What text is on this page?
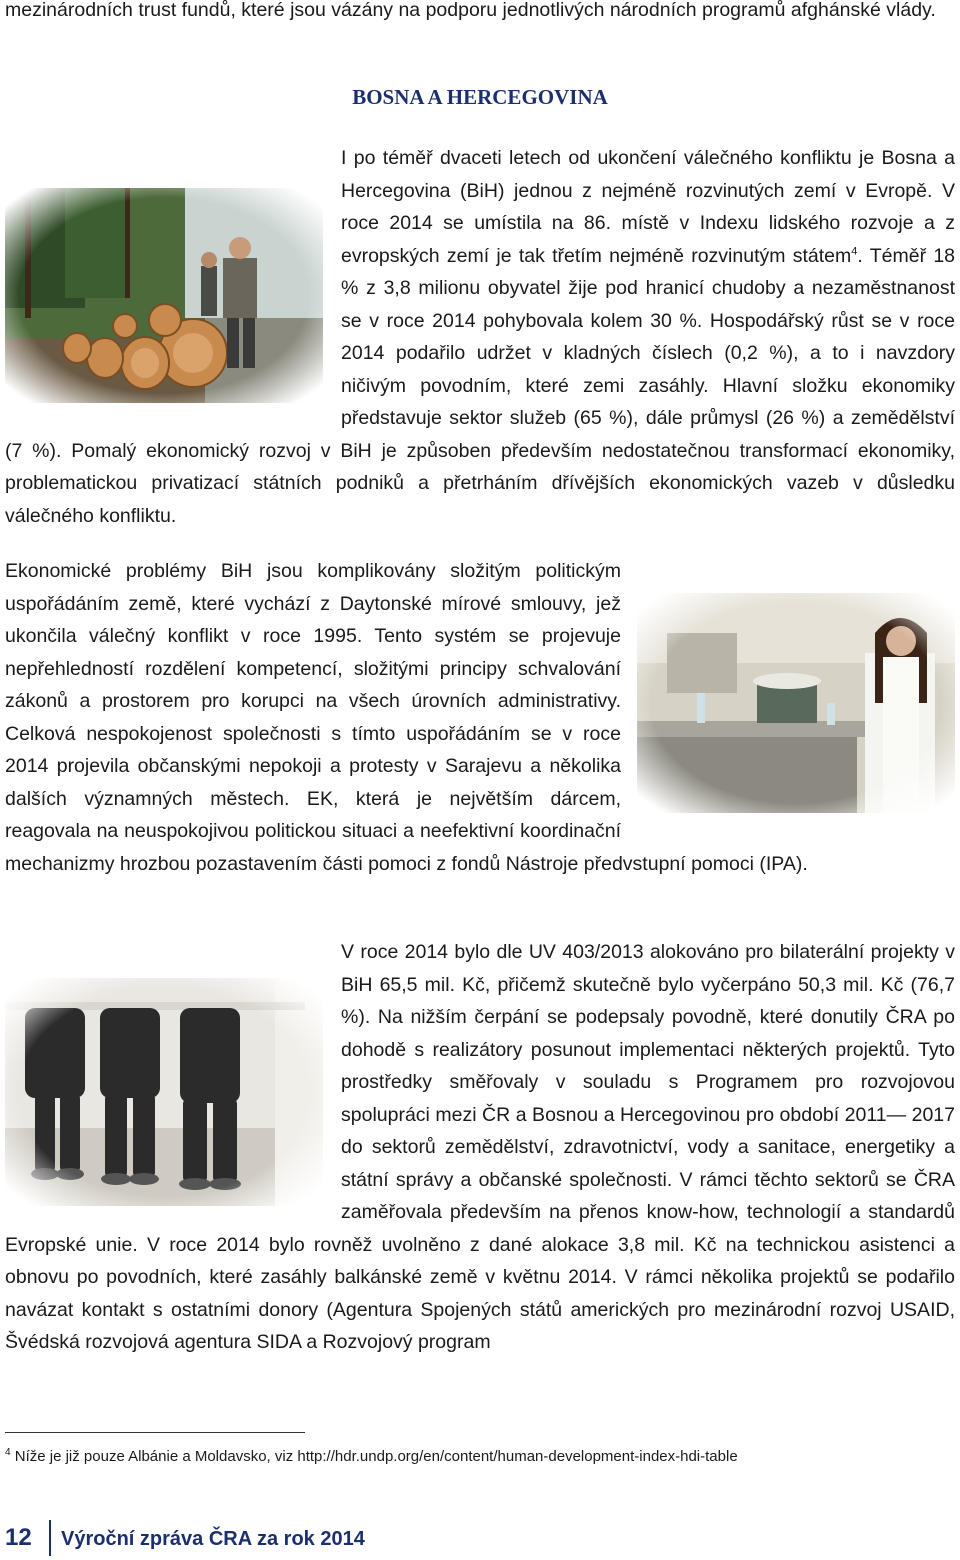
mezinárodních trust fundů, které jsou vázány na podporu jednotlivých národních programů afghánské vlády.

BOSNA A HERCEGOVINA
I po téměř dvaceti letech od ukončení válečného konfliktu je Bosna a Hercegovina (BiH) jednou z nejméně rozvinutých zemí v Evropě. V roce 2014 se umístila na 86. místě v Indexu lidského rozvoje a z evropských zemí je tak třetím nejméně rozvinutým státem$^4$. Téměř 18 % z 3,8 milionu obyvatel žije pod hranicí chudoby a nezaměstnanost se v roce 2014 pohybovala kolem 30 %. Hospodářský růst se v roce 2014 podařilo udržet v kladných číslech (0,2 %), a to i navzdory ničivým povodním, které zemi zasáhly. Hlavní složku ekonomiky představuje sektor služeb (65 %), dále průmysl (26 %) a zemědělství (7 %). Pomalý ekonomický rozvoj v BiH je způsoben především nedostatečnou transformací ekonomiky, problematickou privatizací státních podniků a přetrháním dřívějších ekonomických vazeb v důsledku válečného konfliktu.
Ekonomické problémy BiH jsou komplikovány složitým politickým uspořádáním země, které vychází z Daytonské mírové smlouvy, jež ukončila válečný konflikt v roce 1995. Tento systém se projevuje nepřehledností rozdělení kompetencí, složitými principy schvalování zákonů a prostorem pro korupci na všech úrovních administrativy. Celková nespokojenost společnosti s tímto uspořádáním se v roce 2014 projevila občanskými nepokoji a protesty v Sarajevu a několika dalších významných městech. EK, která je největším dárcem, reagovala na neuspokojivou politickou situaci a neefektivní koordinační mechanizmy hrozbou pozastavením části pomoci z fondů Nástroje předvstupní pomoci (IPA).
V roce 2014 bylo dle UV 403/2013 alokováno pro bilaterální projekty v BiH 65,5 mil. Kč, přičemž skutečně bylo vyčerpáno 50,3 mil. Kč (76,7 %). Na nižším čerpání se podepsaly povodně, které donutily ČRA po dohodě s realizátory posunout implementaci některých projektů. Tyto prostředky směřovaly v souladu s Programem pro rozvojovou spolupráci mezi ČR a Bosnou a Hercegovinou pro období 2011— 2017 do sektorů zemědělství, zdravotnictví, vody a sanitace, energetiky a státní správy a občanské společnosti. V rámci těchto sektorů se ČRA zaměřovala především na přenos know-how, technologií a standardů Evropské unie. V roce 2014 bylo rovněž uvolněno z dané alokace 3,8 mil. Kč na technickou asistenci a obnovu po povodních, které zasáhly balkánské země v květnu 2014. V rámci několika projektů se podařilo navázat kontakt s ostatními donory (Agentura Spojených států amerických pro mezinárodní rozvoj USAID, Švédská rozvojová agentura SIDA a Rozvojový program
$^4$ Níže je již pouze Albánie a Moldavsko, viz http://hdr.undp.org/en/content/human-development-index-hdi-table
12 Výroční zpráva ČRA za rok 2014
